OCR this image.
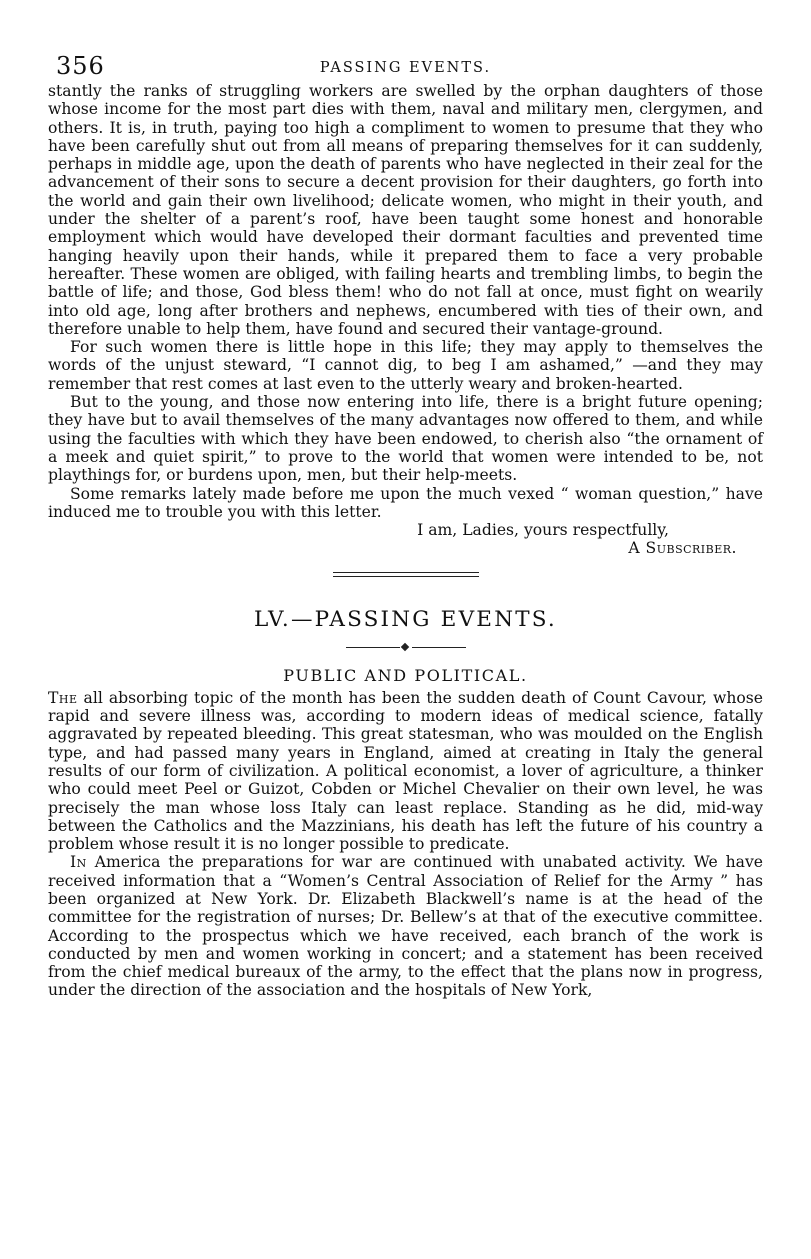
356	PASSING EVENTS.

stantly the ranks of struggling workers are swelled by the orphan daughters of those whose income for the most part dies with them, naval and military men, clergymen, and others. It is, in truth, paying too high a compliment to women to presume that they who have been carefully shut out from all means of preparing themselves for it can suddenly, perhaps in middle age, upon the death of parents who have neglected in their zeal for the advancement of their sons to secure a decent provision for their daughters, go forth into the world and gain their own livelihood; delicate women, who might in their youth, and under the shelter of a parent’s roof, have been taught some honest and honorable employment which would have developed their dormant faculties and prevented time hanging heavily upon their hands, while it prepared them to face a very probable hereafter. These women are obliged, with failing hearts and trembling limbs, to begin the battle of life; and those, God bless them! who do not fall at once, must fight on wearily into old age, long after brothers and nephews, encumbered with ties of their own, and therefore unable to help them, have found and secured their vantage-ground.

For such women there is little hope in this life; they may apply to themselves the words of the unjust steward, “I cannot dig, to beg I am ashamed,” —and they may remember that rest comes at last even to the utterly weary and broken-hearted.

But to the young, and those now entering into life, there is a bright future opening; they have but to avail themselves of the many advantages now offered to them, and while using the faculties with which they have been endowed, to cherish also “the ornament of a meek and quiet spirit,” to prove to the world that women were intended to be, not playthings for, or burdens upon, men, but their help-meets.

Some remarks lately made before me upon the much vexed “ woman question,” have induced me to trouble you with this letter.

I am, Ladies, yours respectfully,
A Subscriber.
LV.—PASSING EVENTS.
PUBLIC AND POLITICAL.

The all absorbing topic of the month has been the sudden death of Count Cavour, whose rapid and severe illness was, according to modern ideas of medical science, fatally aggravated by repeated bleeding. This great statesman, who was moulded on the English type, and had passed many years in England, aimed at creating in Italy the general results of our form of civilization. A political economist, a lover of agriculture, a thinker who could meet Peel or Guizot, Cobden or Michel Chevalier on their own level, he was precisely the man whose loss Italy can least replace. Standing as he did, mid-way between the Catholics and the Mazzinians, his death has left the future of his country a problem whose result it is no longer possible to predicate.

In America the preparations for war are continued with unabated activity. We have received information that a “Women’s Central Association of Relief for the Army ” has been organized at New York. Dr. Elizabeth Blackwell’s name is at the head of the committee for the registration of nurses; Dr. Bellew’s at that of the executive committee. According to the prospectus which we have received, each branch of the work is conducted by men and women working in concert; and a statement has been received from the chief medical bureaux of the army, to the effect that the plans now in progress, under the direction of the association and the hospitals of New York,
